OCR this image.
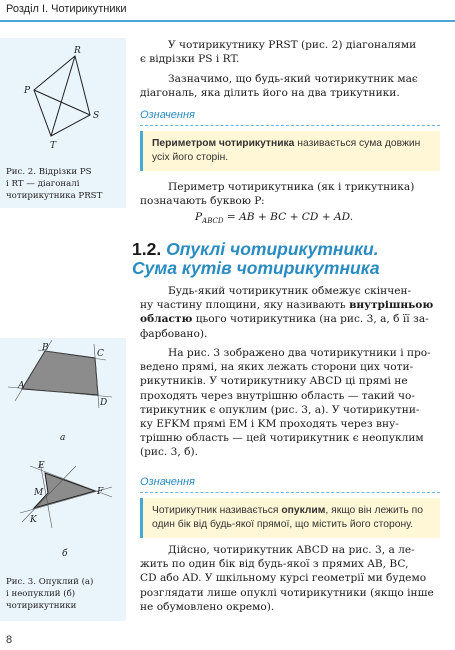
Розділ І. Чотирикутники
R
P
S
T
Рис. 2. Відрізки PS
і RT — діагоналі
чотирикутника PRST
B
C
A
D
а
E
M	F
K
б
Рис. 3. Опуклий (а)
і неопуклий (б)
чотирикутники
У чотирикутнику PRST (рис. 2) діагоналями
є відрізки PS і RT.
Зазначимо, що будь-який чотирикутник має
діагональ, яка ділить його на два трикутники.
Означення
Периметром чотирикутника називається сума довжин
усіх його сторін.
Периметр чотирикутника (як і трикутника)
позначають буквою P:
$P_{ABCD}$ = AB + BC + CD + AD.
1.2. Опуклі чотирикутники.
Сума кутів чотирикутника
Будь-який чотирикутник обмежує скінчен-
ну частину площини, яку називають внутрішньою
областю цього чотирикутника (на рис. 3, а, б її за-
фарбовано).
На рис. 3 зображено два чотирикутники і про-
ведено прямі, на яких лежать сторони цих чоти-
рикутників. У чотирикутнику ABCD ці прямі не
проходять через внутрішню область — такий чо-
тирикутник є опуклим (рис. 3, а). У чотирикутни-
ку EFKM прямі EM і KM проходять через вну-
трішню область — цей чотирикутник є неопуклим
(рис. 3, б).
Означення
Чотирикутник називається опуклим, якщо він лежить по
один бік від будь-якої прямої, що містить його сторону.
Дійсно, чотирикутник ABCD на рис. 3, а ле-
жить по один бік від будь-якої з прямих AB, BC,
CD або AD. У шкільному курсі геометрії ми будемо
розглядати лише опуклі чотирикутники (якщо інше
не обумовлено окремо).
8
